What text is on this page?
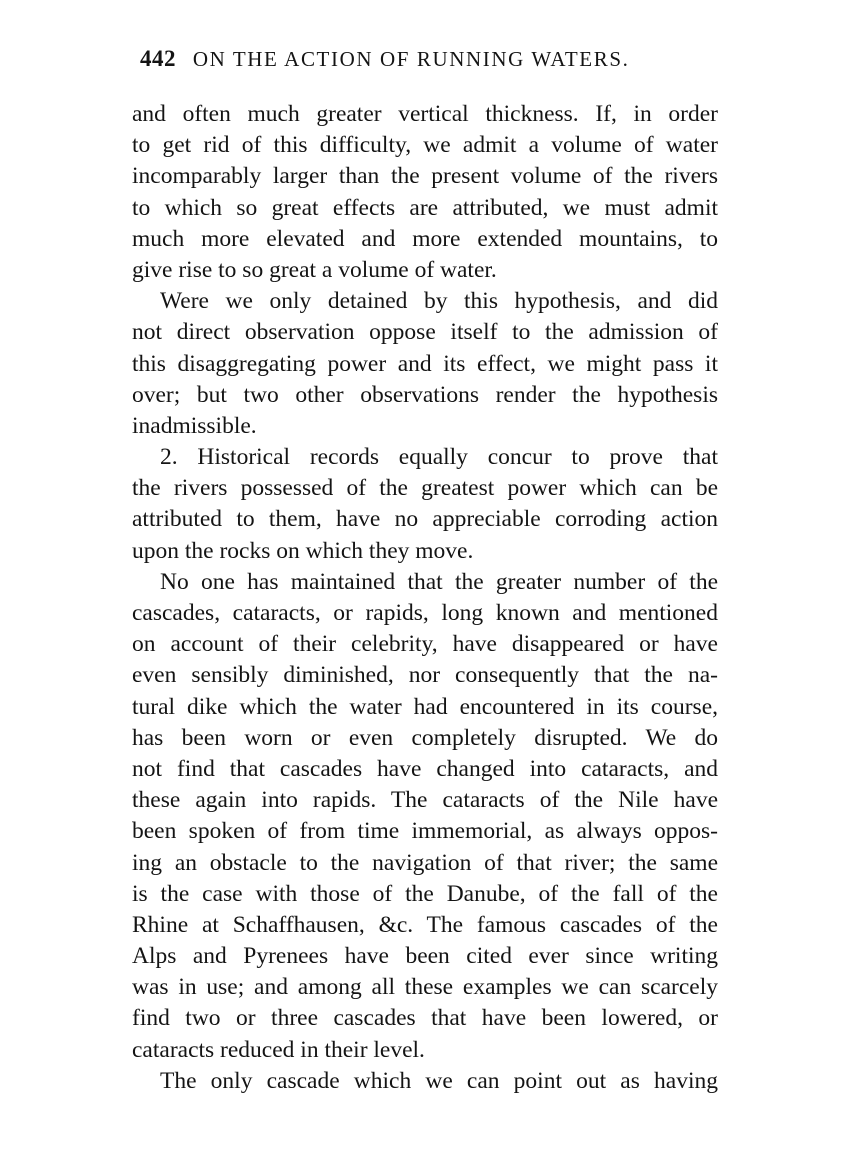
442 ON THE ACTION OF RUNNING WATERS.
and often much greater vertical thickness. If, in order
to get rid of this difficulty, we admit a volume of water
incomparably larger than the present volume of the rivers
to which so great effects are attributed, we must admit
much more elevated and more extended mountains, to
give rise to so great a volume of water.
Were we only detained by this hypothesis, and did
not direct observation oppose itself to the admission of
this disaggregating power and its effect, we might pass it
over; but two other observations render the hypothesis
inadmissible.
2. Historical records equally concur to prove that
the rivers possessed of the greatest power which can be
attributed to them, have no appreciable corroding action
upon the rocks on which they move.
No one has maintained that the greater number of the
cascades, cataracts, or rapids, long known and mentioned
on account of their celebrity, have disappeared or have
even sensibly diminished, nor consequently that the na-
tural dike which the water had encountered in its course,
has been worn or even completely disrupted. We do
not find that cascades have changed into cataracts, and
these again into rapids. The cataracts of the Nile have
been spoken of from time immemorial, as always oppos-
ing an obstacle to the navigation of that river; the same
is the case with those of the Danube, of the fall of the
Rhine at Schaffhausen, &c. The famous cascades of the
Alps and Pyrenees have been cited ever since writing
was in use; and among all these examples we can scarcely
find two or three cascades that have been lowered, or
cataracts reduced in their level.
The only cascade which we can point out as having
